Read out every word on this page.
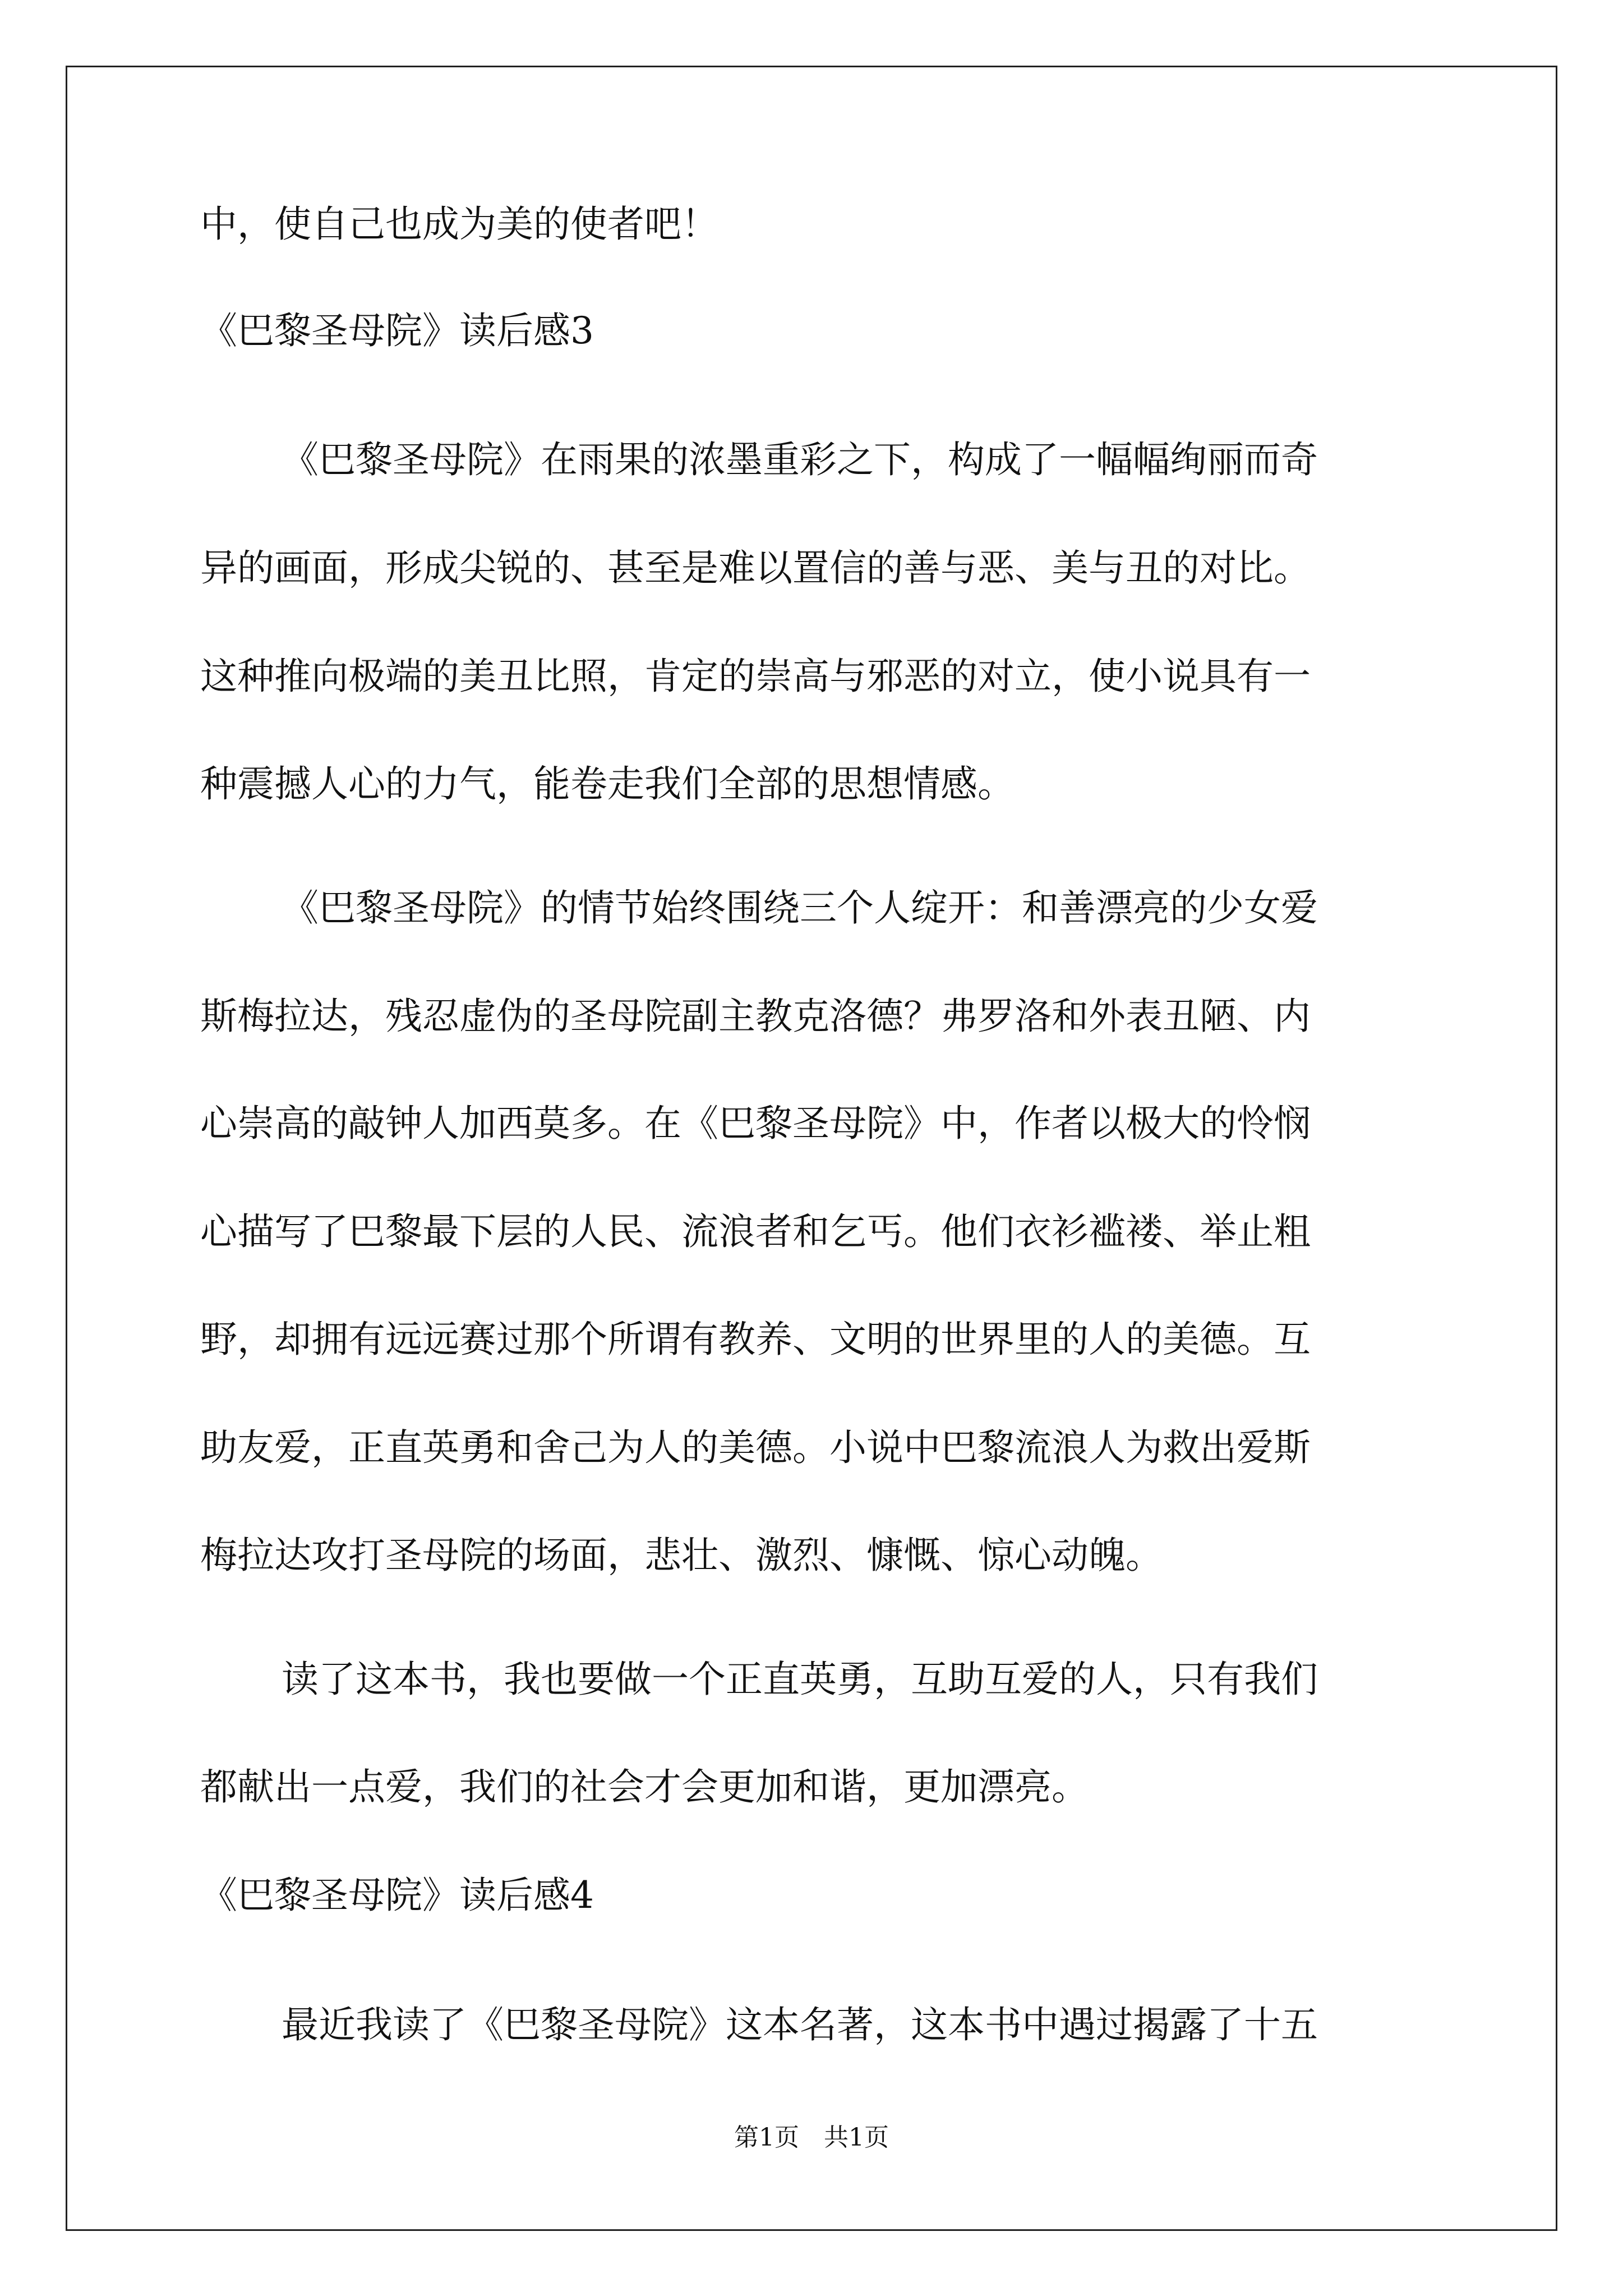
中，使自己也成为美的使者吧！
《巴黎圣母院》读后感3
《巴黎圣母院》在雨果的浓墨重彩之下，构成了一幅幅绚丽而奇
异的画面，形成尖锐的、甚至是难以置信的善与恶、美与丑的对比。
这种推向极端的美丑比照，肯定的崇高与邪恶的对立，使小说具有一
种震撼人心的力气，能卷走我们全部的思想情感。
《巴黎圣母院》的情节始终围绕三个人绽开：和善漂亮的少女爱
斯梅拉达，残忍虚伪的圣母院副主教克洛德？弗罗洛和外表丑陋、内
心崇高的敲钟人加西莫多。在《巴黎圣母院》中，作者以极大的怜悯
心描写了巴黎最下层的人民、流浪者和乞丐。他们衣衫褴褛、举止粗
野，却拥有远远赛过那个所谓有教养、文明的世界里的人的美德。互
助友爱，正直英勇和舍己为人的美德。小说中巴黎流浪人为救出爱斯
梅拉达攻打圣母院的场面，悲壮、激烈、慷慨、惊心动魄。
读了这本书，我也要做一个正直英勇，互助互爱的人，只有我们
都献出一点爱，我们的社会才会更加和谐，更加漂亮。
《巴黎圣母院》读后感4
最近我读了《巴黎圣母院》这本名著，这本书中遇过揭露了十五
第1页　共1页
